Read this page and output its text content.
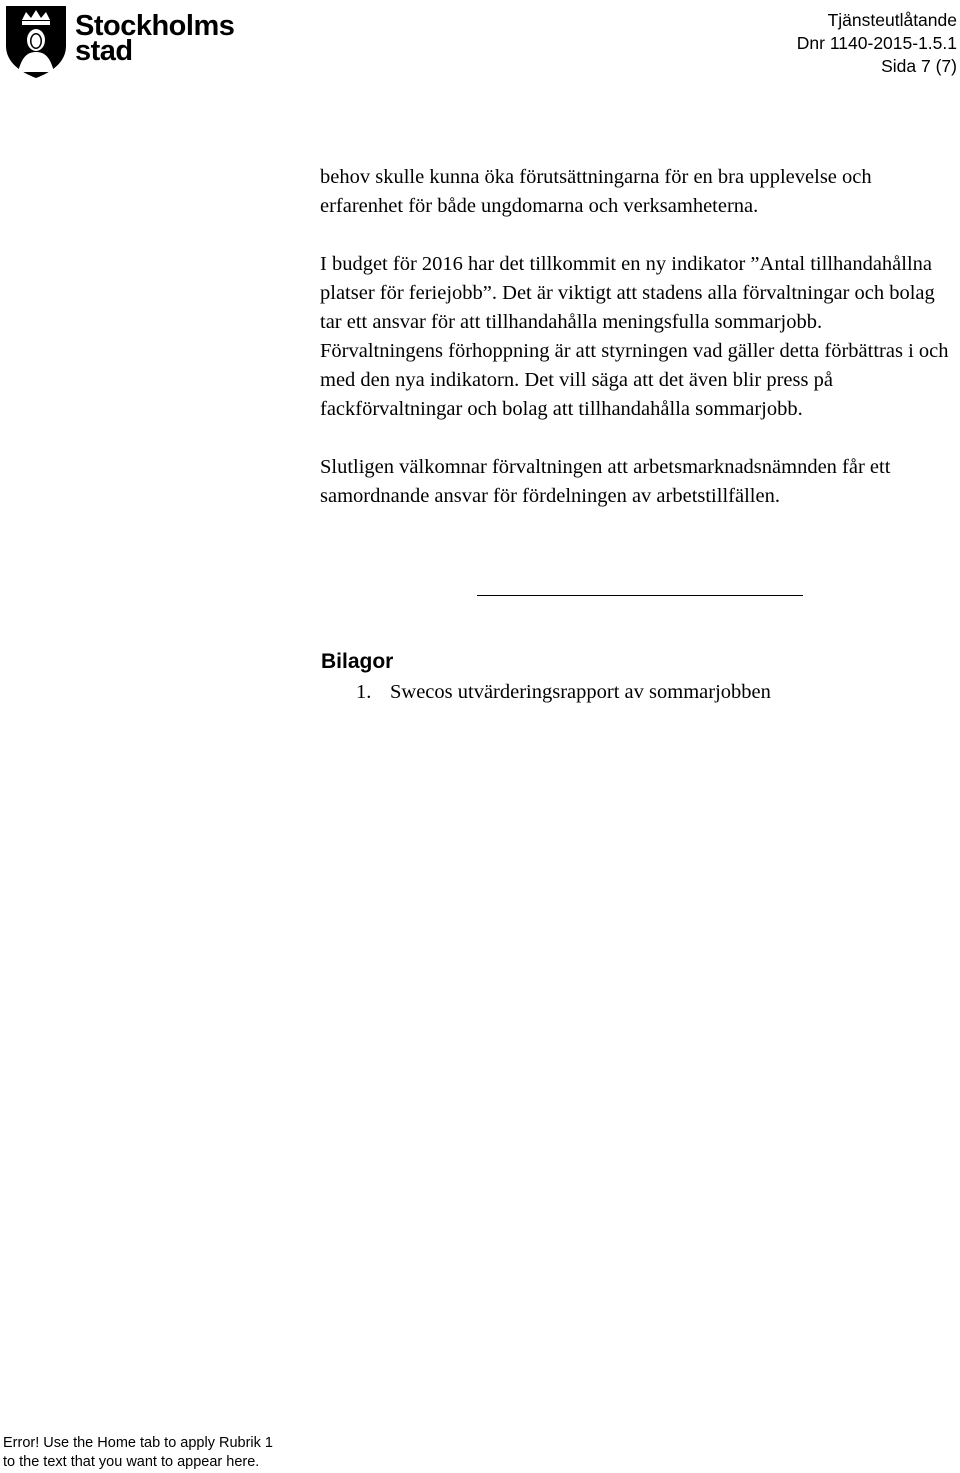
Stockholms
stad
Tjänsteutlåtande
Dnr 1140-2015-1.5.1
Sida 7 (7)

behov skulle kunna öka förutsättningarna för en bra upplevelse och erfarenhet för både ungdomarna och verksamheterna.

I budget för 2016 har det tillkommit en ny indikator ”Antal tillhandahållna platser för feriejobb”. Det är viktigt att stadens alla förvaltningar och bolag tar ett ansvar för att tillhandahålla meningsfulla sommarjobb. Förvaltningens förhoppning är att styrningen vad gäller detta förbättras i och med den nya indikatorn. Det vill säga att det även blir press på fackförvaltningar och bolag att tillhandahålla sommarjobb.

Slutligen välkomnar förvaltningen att arbetsmarknadsnämnden får ett samordnande ansvar för fördelningen av arbetstillfällen.

Bilagor
1. Swecos utvärderingsrapport av sommarjobben
Error! Use the Home tab to apply Rubrik 1
to the text that you want to appear here.
